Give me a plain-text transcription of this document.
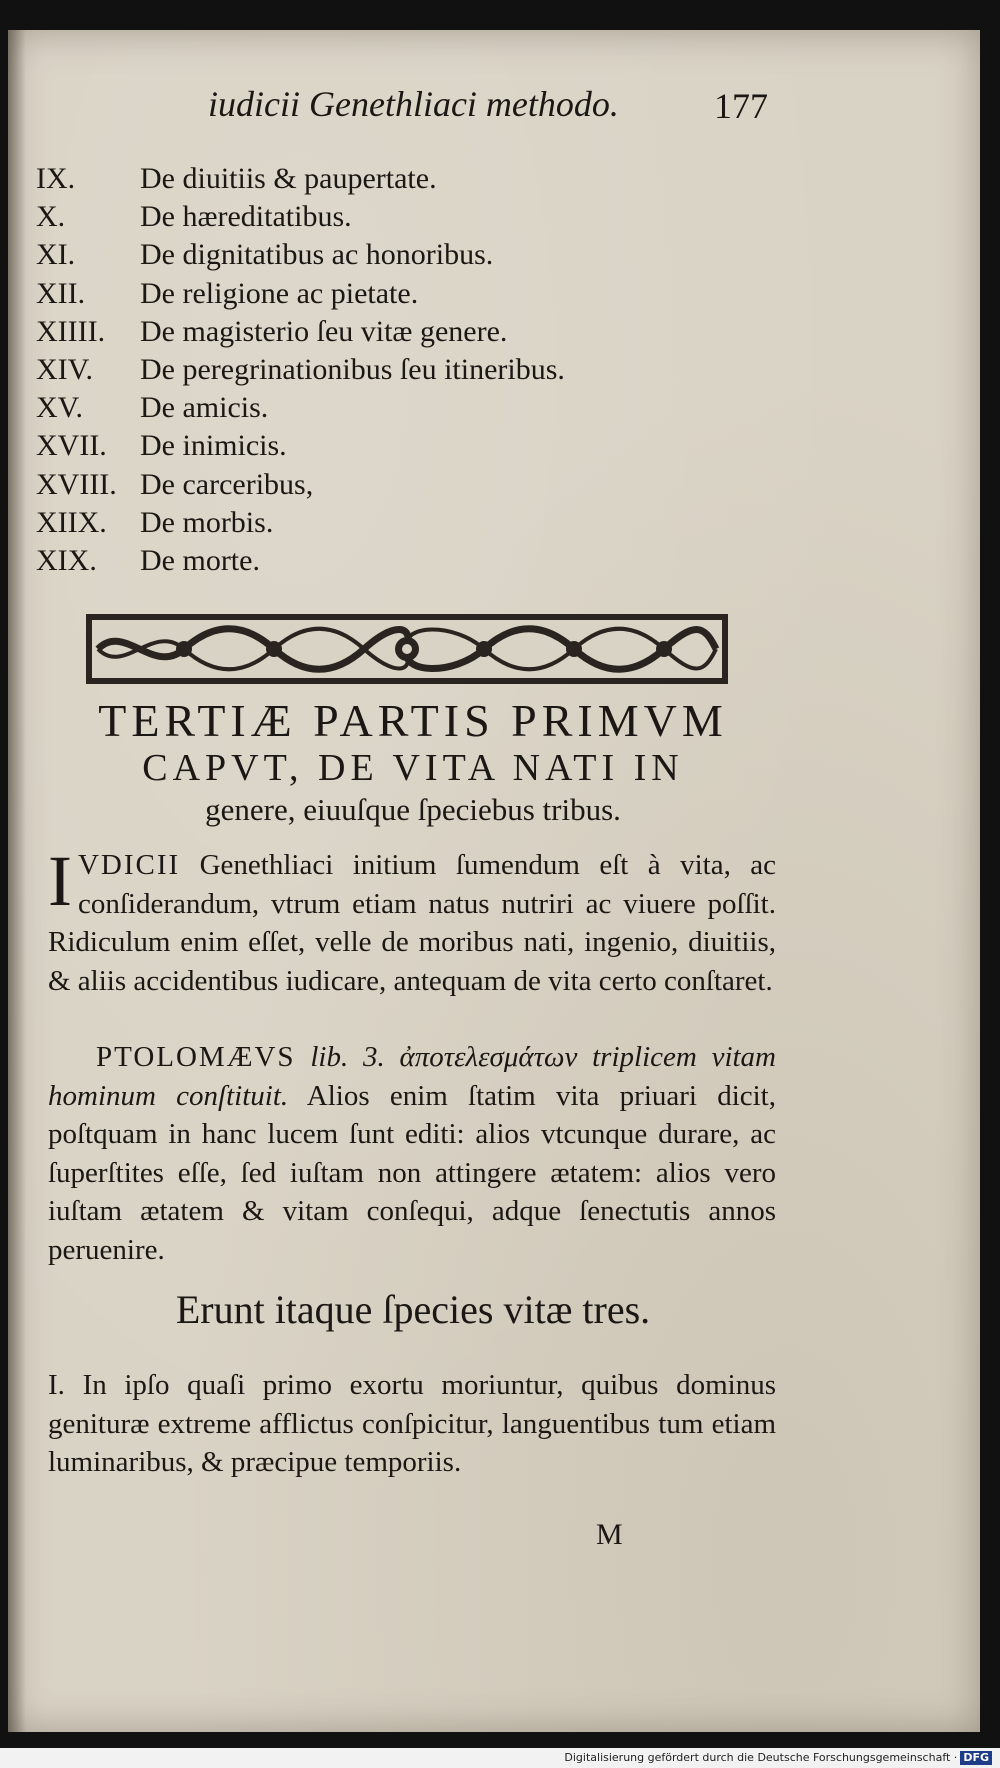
iudicii Genethliaci methodo.	177
IX. De diuitiis & paupertate.
X. De hæreditatibus.
XI. De dignitatibus ac honoribus.
XII. De religione ac pietate.
XIIII. De magisterio ſeu vitæ genere.
XIV. De peregrinationibus ſeu itineribus.
XV. De amicis.
XVII. De inimicis.
XVIII. De carceribus,
XIIX. De morbis.
XIX. De morte.
TERTIÆ PARTIS PRIMVM
CAPVT, DE VITA NATI IN
genere, eiuuſque ſpeciebus tribus.
IVDICII Genethliaci initium ſumendum eſt à vita, ac conſiderandum, vtrum etiam natus nutriri ac viuere poſſit. Ridiculum enim eſſet, velle de moribus nati, ingenio, diuitiis, & aliis accidentibus iudicare, antequam de vita certo conſtaret.
PTOLOMÆVS lib. 3. ἀποτελεσμάτων triplicem vitam hominum conſtituit. Alios enim ſtatim vita priuari dicit, poſtquam in hanc lucem ſunt editi: alios vtcunque durare, ac ſuperſtites eſſe, ſed iuſtam non attingere ætatem: alios vero iuſtam ætatem & vitam conſequi, adque ſenectutis annos peruenire.
Erunt itaque ſpecies vitæ tres.
I. In ipſo quaſi primo exortu moriuntur, quibus dominus genituræ extreme afflictus conſpicitur, languentibus tum etiam luminaribus, & præcipue temporiis.
M
Digitalisierung gefördert durch die Deutsche Forschungsgemeinschaft · DFG
